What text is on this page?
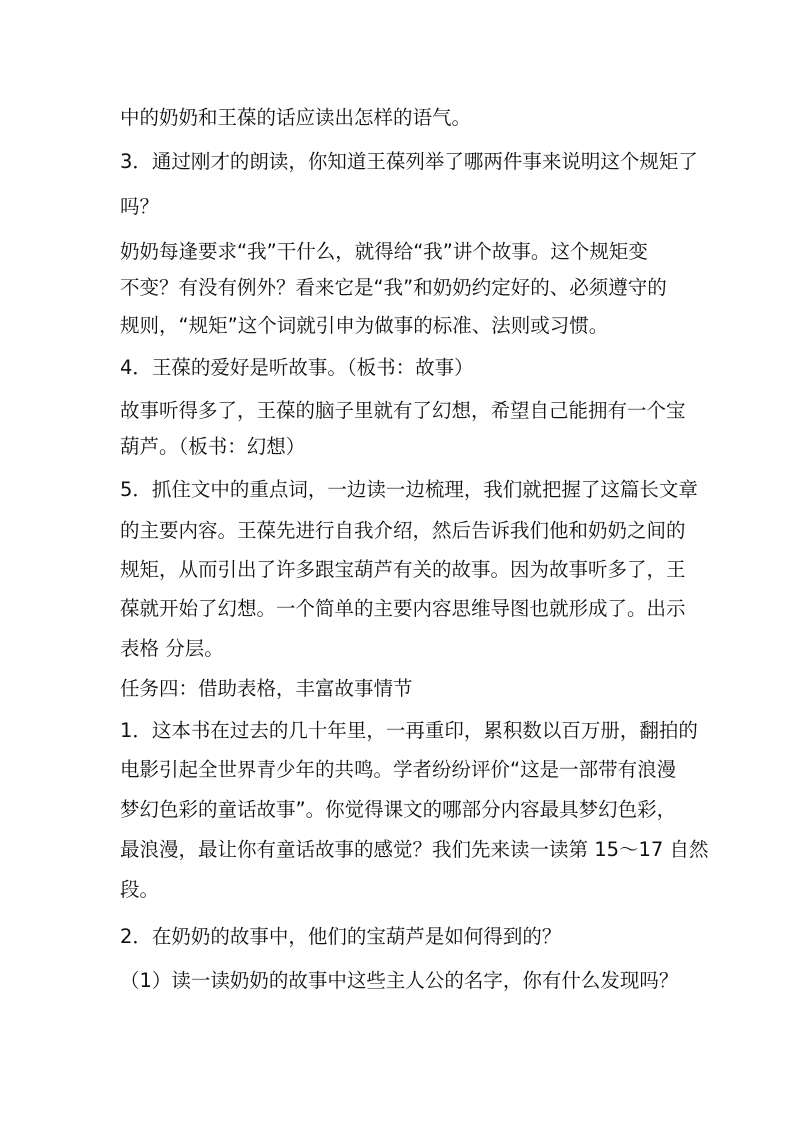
中的奶奶和王葆的话应读出怎样的语气。

3．通过刚才的朗读，你知道王葆列举了哪两件事来说明这个规矩了

吗？

奶奶每逢要求“我”干什么，就得给“我”讲个故事。这个规矩变

不变？有没有例外？看来它是“我”和奶奶约定好的、必须遵守的

规则，“规矩”这个词就引申为做事的标准、法则或习惯。

4．王葆的爱好是听故事。（板书：故事）

故事听得多了，王葆的脑子里就有了幻想，希望自己能拥有一个宝

葫芦。（板书：幻想）

5．抓住文中的重点词，一边读一边梳理，我们就把握了这篇长文章

的主要内容。王葆先进行自我介绍，然后告诉我们他和奶奶之间的

规矩，从而引出了许多跟宝葫芦有关的故事。因为故事听多了，王

葆就开始了幻想。一个简单的主要内容思维导图也就形成了。出示

表格 分层。

任务四：借助表格，丰富故事情节

1．这本书在过去的几十年里，一再重印，累积数以百万册，翻拍的

电影引起全世界青少年的共鸣。学者纷纷评价“这是一部带有浪漫

梦幻色彩的童话故事”。你觉得课文的哪部分内容最具梦幻色彩，

最浪漫，最让你有童话故事的感觉？我们先来读一读第 15～17 自然

段。

2．在奶奶的故事中，他们的宝葫芦是如何得到的？

（1）读一读奶奶的故事中这些主人公的名字，你有什么发现吗？
